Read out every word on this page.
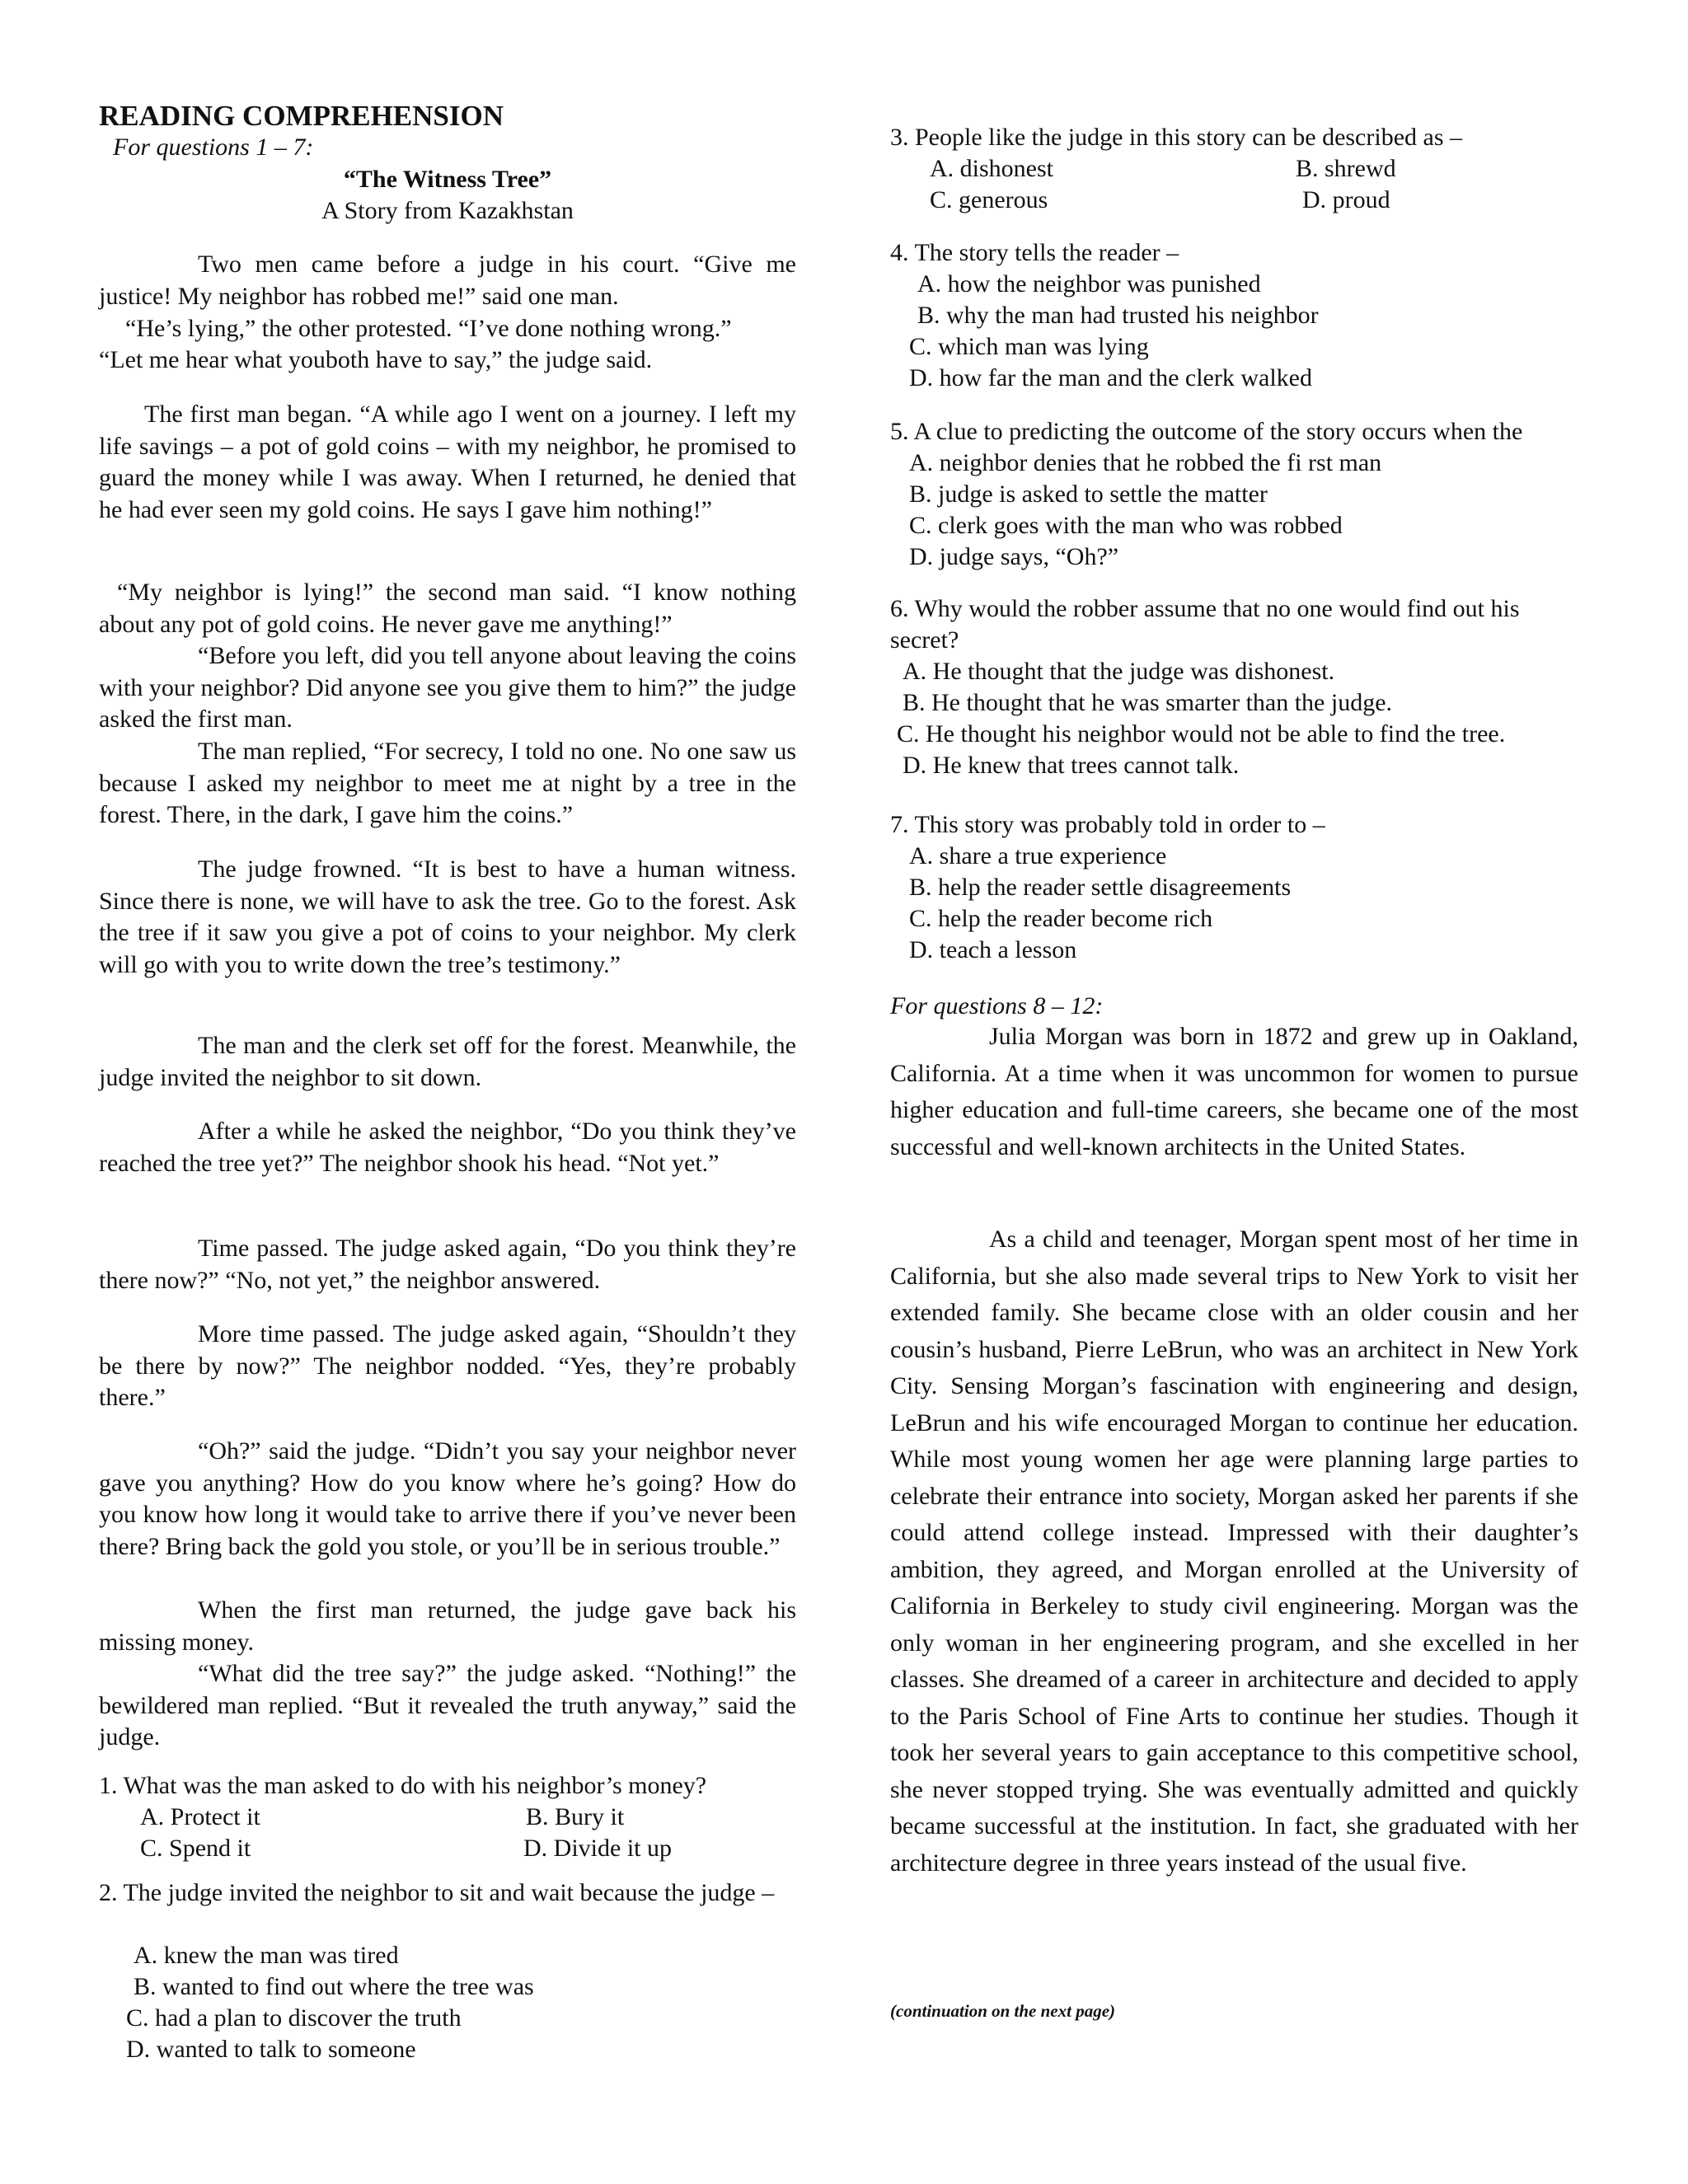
READING COMPREHENSION
For questions 1 – 7:
“The Witness Tree”
A Story from Kazakhstan

Two men came before a judge in his court. “Give me justice! My neighbor has robbed me!” said one man.

“He’s lying,” the other protested. “I’ve done nothing wrong.”

“Let me hear what youboth have to say,” the judge said.

The first man began. “A while ago I went on a journey. I left my life savings – a pot of gold coins – with my neighbor, he promised to guard the money while I was away. When I returned, he denied that he had ever seen my gold coins. He says I gave him nothing!”

“My neighbor is lying!” the second man said. “I know nothing about any pot of gold coins. He never gave me anything!”

“Before you left, did you tell anyone about leaving the coins with your neighbor? Did anyone see you give them to him?” the judge asked the first man.

The man replied, “For secrecy, I told no one. No one saw us because I asked my neighbor to meet me at night by a tree in the forest. There, in the dark, I gave him the coins.”

The judge frowned. “It is best to have a human witness. Since there is none, we will have to ask the tree. Go to the forest. Ask the tree if it saw you give a pot of coins to your neighbor. My clerk will go with you to write down the tree’s testimony.”

The man and the clerk set off for the forest. Meanwhile, the judge invited the neighbor to sit down.

After a while he asked the neighbor, “Do you think they’ve reached the tree yet?” The neighbor shook his head. “Not yet.”

Time passed. The judge asked again, “Do you think they’re there now?” “No, not yet,” the neighbor answered.

More time passed. The judge asked again, “Shouldn’t they be there by now?” The neighbor nodded. “Yes, they’re probably there.”

“Oh?” said the judge. “Didn’t you say your neighbor never gave you anything? How do you know where he’s going? How do you know how long it would take to arrive there if you’ve never been there? Bring back the gold you stole, or you’ll be in serious trouble.”

When the first man returned, the judge gave back his missing money.

“What did the tree say?” the judge asked. “Nothing!” the bewildered man replied. “But it revealed the truth anyway,” said the judge.

1. What was the man asked to do with his neighbor’s money?

A. Protect it	B. Bury it
C. Spend it	D. Divide it up

2. The judge invited the neighbor to sit and wait because the judge –

A. knew the man was tired
B. wanted to find out where the tree was
C. had a plan to discover the truth
D. wanted to talk to someone

3. People like the judge in this story can be described as –

A. dishonest	B. shrewd
C. generous	D. proud

4. The story tells the reader –

A. how the neighbor was punished
B. why the man had trusted his neighbor
C. which man was lying
D. how far the man and the clerk walked

5. A clue to predicting the outcome of the story occurs when the

A. neighbor denies that he robbed the fi rst man
B. judge is asked to settle the matter
C. clerk goes with the man who was robbed
D. judge says, “Oh?”

6. Why would the robber assume that no one would find out his secret?

A. He thought that the judge was dishonest.
B. He thought that he was smarter than the judge.
C. He thought his neighbor would not be able to find the tree.
D. He knew that trees cannot talk.

7. This story was probably told in order to –

A. share a true experience
B. help the reader settle disagreements
C. help the reader become rich
D. teach a lesson
For questions 8 – 12:

Julia Morgan was born in 1872 and grew up in Oakland, California. At a time when it was uncommon for women to pursue higher education and full-time careers, she became one of the most successful and well-known architects in the United States.

As a child and teenager, Morgan spent most of her time in California, but she also made several trips to New York to visit her extended family. She became close with an older cousin and her cousin’s husband, Pierre LeBrun, who was an architect in New York City. Sensing Morgan’s fascination with engineering and design, LeBrun and his wife encouraged Morgan to continue her education. While most young women her age were planning large parties to celebrate their entrance into society, Morgan asked her parents if she could attend college instead. Impressed with their daughter’s ambition, they agreed, and Morgan enrolled at the University of California in Berkeley to study civil engineering. Morgan was the only woman in her engineering program, and she excelled in her classes. She dreamed of a career in architecture and decided to apply to the Paris School of Fine Arts to continue her studies. Though it took her several years to gain acceptance to this competitive school, she never stopped trying. She was eventually admitted and quickly became successful at the institution. In fact, she graduated with her architecture degree in three years instead of the usual five.

(continuation on the next page)
